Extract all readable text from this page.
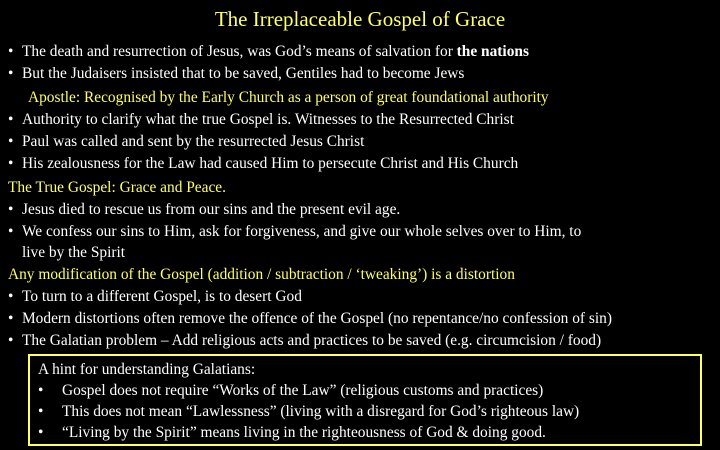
The Irreplaceable Gospel of Grace
• The death and resurrection of Jesus, was God’s means of salvation for the nations
• But the Judaisers insisted that to be saved, Gentiles had to become Jews
Apostle: Recognised by the Early Church as a person of great foundational authority
• Authority to clarify what the true Gospel is. Witnesses to the Resurrected Christ
• Paul was called and sent by the resurrected Jesus Christ
• His zealousness for the Law had caused Him to persecute Christ and His Church
The True Gospel: Grace and Peace.
• Jesus died to rescue us from our sins and the present evil age.
• We confess our sins to Him, ask for forgiveness, and give our whole selves over to Him, to
live by the Spirit
Any modification of the Gospel (addition / subtraction / ‘tweaking’) is a distortion
• To turn to a different Gospel, is to desert God
• Modern distortions often remove the offence of the Gospel (no repentance/no confession of sin)
• The Galatian problem – Add religious acts and practices to be saved (e.g. circumcision / food)
A hint for understanding Galatians:
• Gospel does not require “Works of the Law” (religious customs and practices)
• This does not mean “Lawlessness” (living with a disregard for God’s righteous law)
• “Living by the Spirit” means living in the righteousness of God & doing good.
